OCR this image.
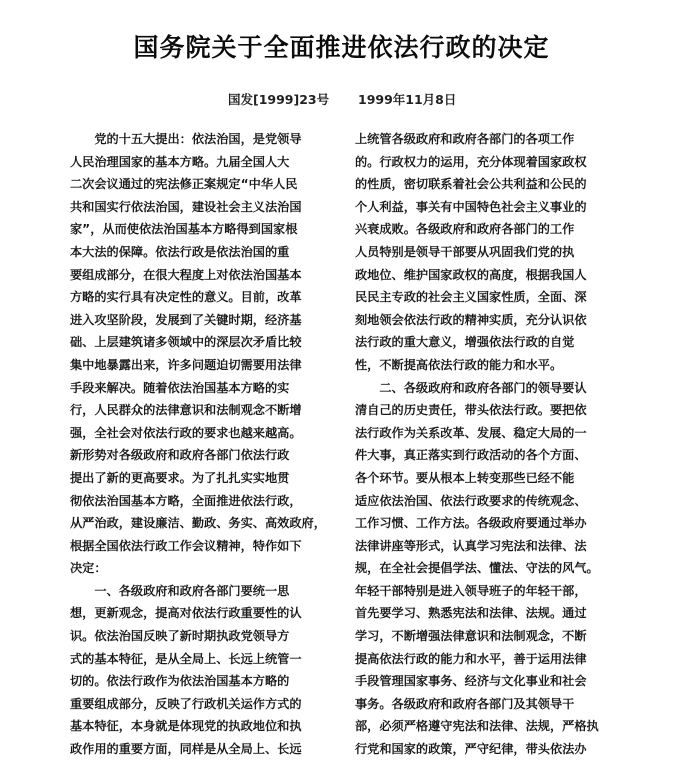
国务院关于全面推进依法行政的决定
国发[1999]23号 1999年11月8日
　　党的十五大提出：依法治国，是党领导
人民治理国家的基本方略。九届全国人大
二次会议通过的宪法修正案规定“中华人民
共和国实行依法治国，建设社会主义法治国
家”，从而使依法治国基本方略得到国家根
本大法的保障。依法行政是依法治国的重
要组成部分，在很大程度上对依法治国基本
方略的实行具有决定性的意义。目前，改革
进入攻坚阶段，发展到了关键时期，经济基
础、上层建筑诸多领域中的深层次矛盾比较
集中地暴露出来，许多问题迫切需要用法律
手段来解决。随着依法治国基本方略的实
行，人民群众的法律意识和法制观念不断增
强，全社会对依法行政的要求也越来越高。
新形势对各级政府和政府各部门依法行政
提出了新的更高要求。为了扎扎实实地贯
彻依法治国基本方略，全面推进依法行政，
从严治政，建设廉洁、勤政、务实、高效政府，
根据全国依法行政工作会议精神，特作如下
决定：
　　一、各级政府和政府各部门要统一思
想，更新观念，提高对依法行政重要性的认
识。依法治国反映了新时期执政党领导方
式的基本特征，是从全局上、长远上统管一
切的。依法行政作为依法治国基本方略的
重要组成部分，反映了行政机关运作方式的
基本特征，本身就是体现党的执政地位和执
政作用的重要方面，同样是从全局上、长远
上统管各级政府和政府各部门的各项工作
的。行政权力的运用，充分体现着国家政权
的性质，密切联系着社会公共利益和公民的
个人利益，事关有中国特色社会主义事业的
兴衰成败。各级政府和政府各部门的工作
人员特别是领导干部要从巩固我们党的执
政地位、维护国家政权的高度，根据我国人
民民主专政的社会主义国家性质，全面、深
刻地领会依法行政的精神实质，充分认识依
法行政的重大意义，增强依法行政的自觉
性，不断提高依法行政的能力和水平。
　　二、各级政府和政府各部门的领导要认
清自己的历史责任，带头依法行政。要把依
法行政作为关系改革、发展、稳定大局的一
件大事，真正落实到行政活动的各个方面、
各个环节。要从根本上转变那些已经不能
适应依法治国、依法行政要求的传统观念、
工作习惯、工作方法。各级政府要通过举办
法律讲座等形式，认真学习宪法和法律、法
规，在全社会提倡学法、懂法、守法的风气。
年轻干部特别是进入领导班子的年轻干部，
首先要学习、熟悉宪法和法律、法规。通过
学习，不断增强法律意识和法制观念，不断
提高依法行政的能力和水平，善于运用法律
手段管理国家事务、经济与文化事业和社会
事务。各级政府和政府各部门及其领导干
部，必须严格遵守宪法和法律、法规，严格执
行党和国家的政策，严守纪律，带头依法办
